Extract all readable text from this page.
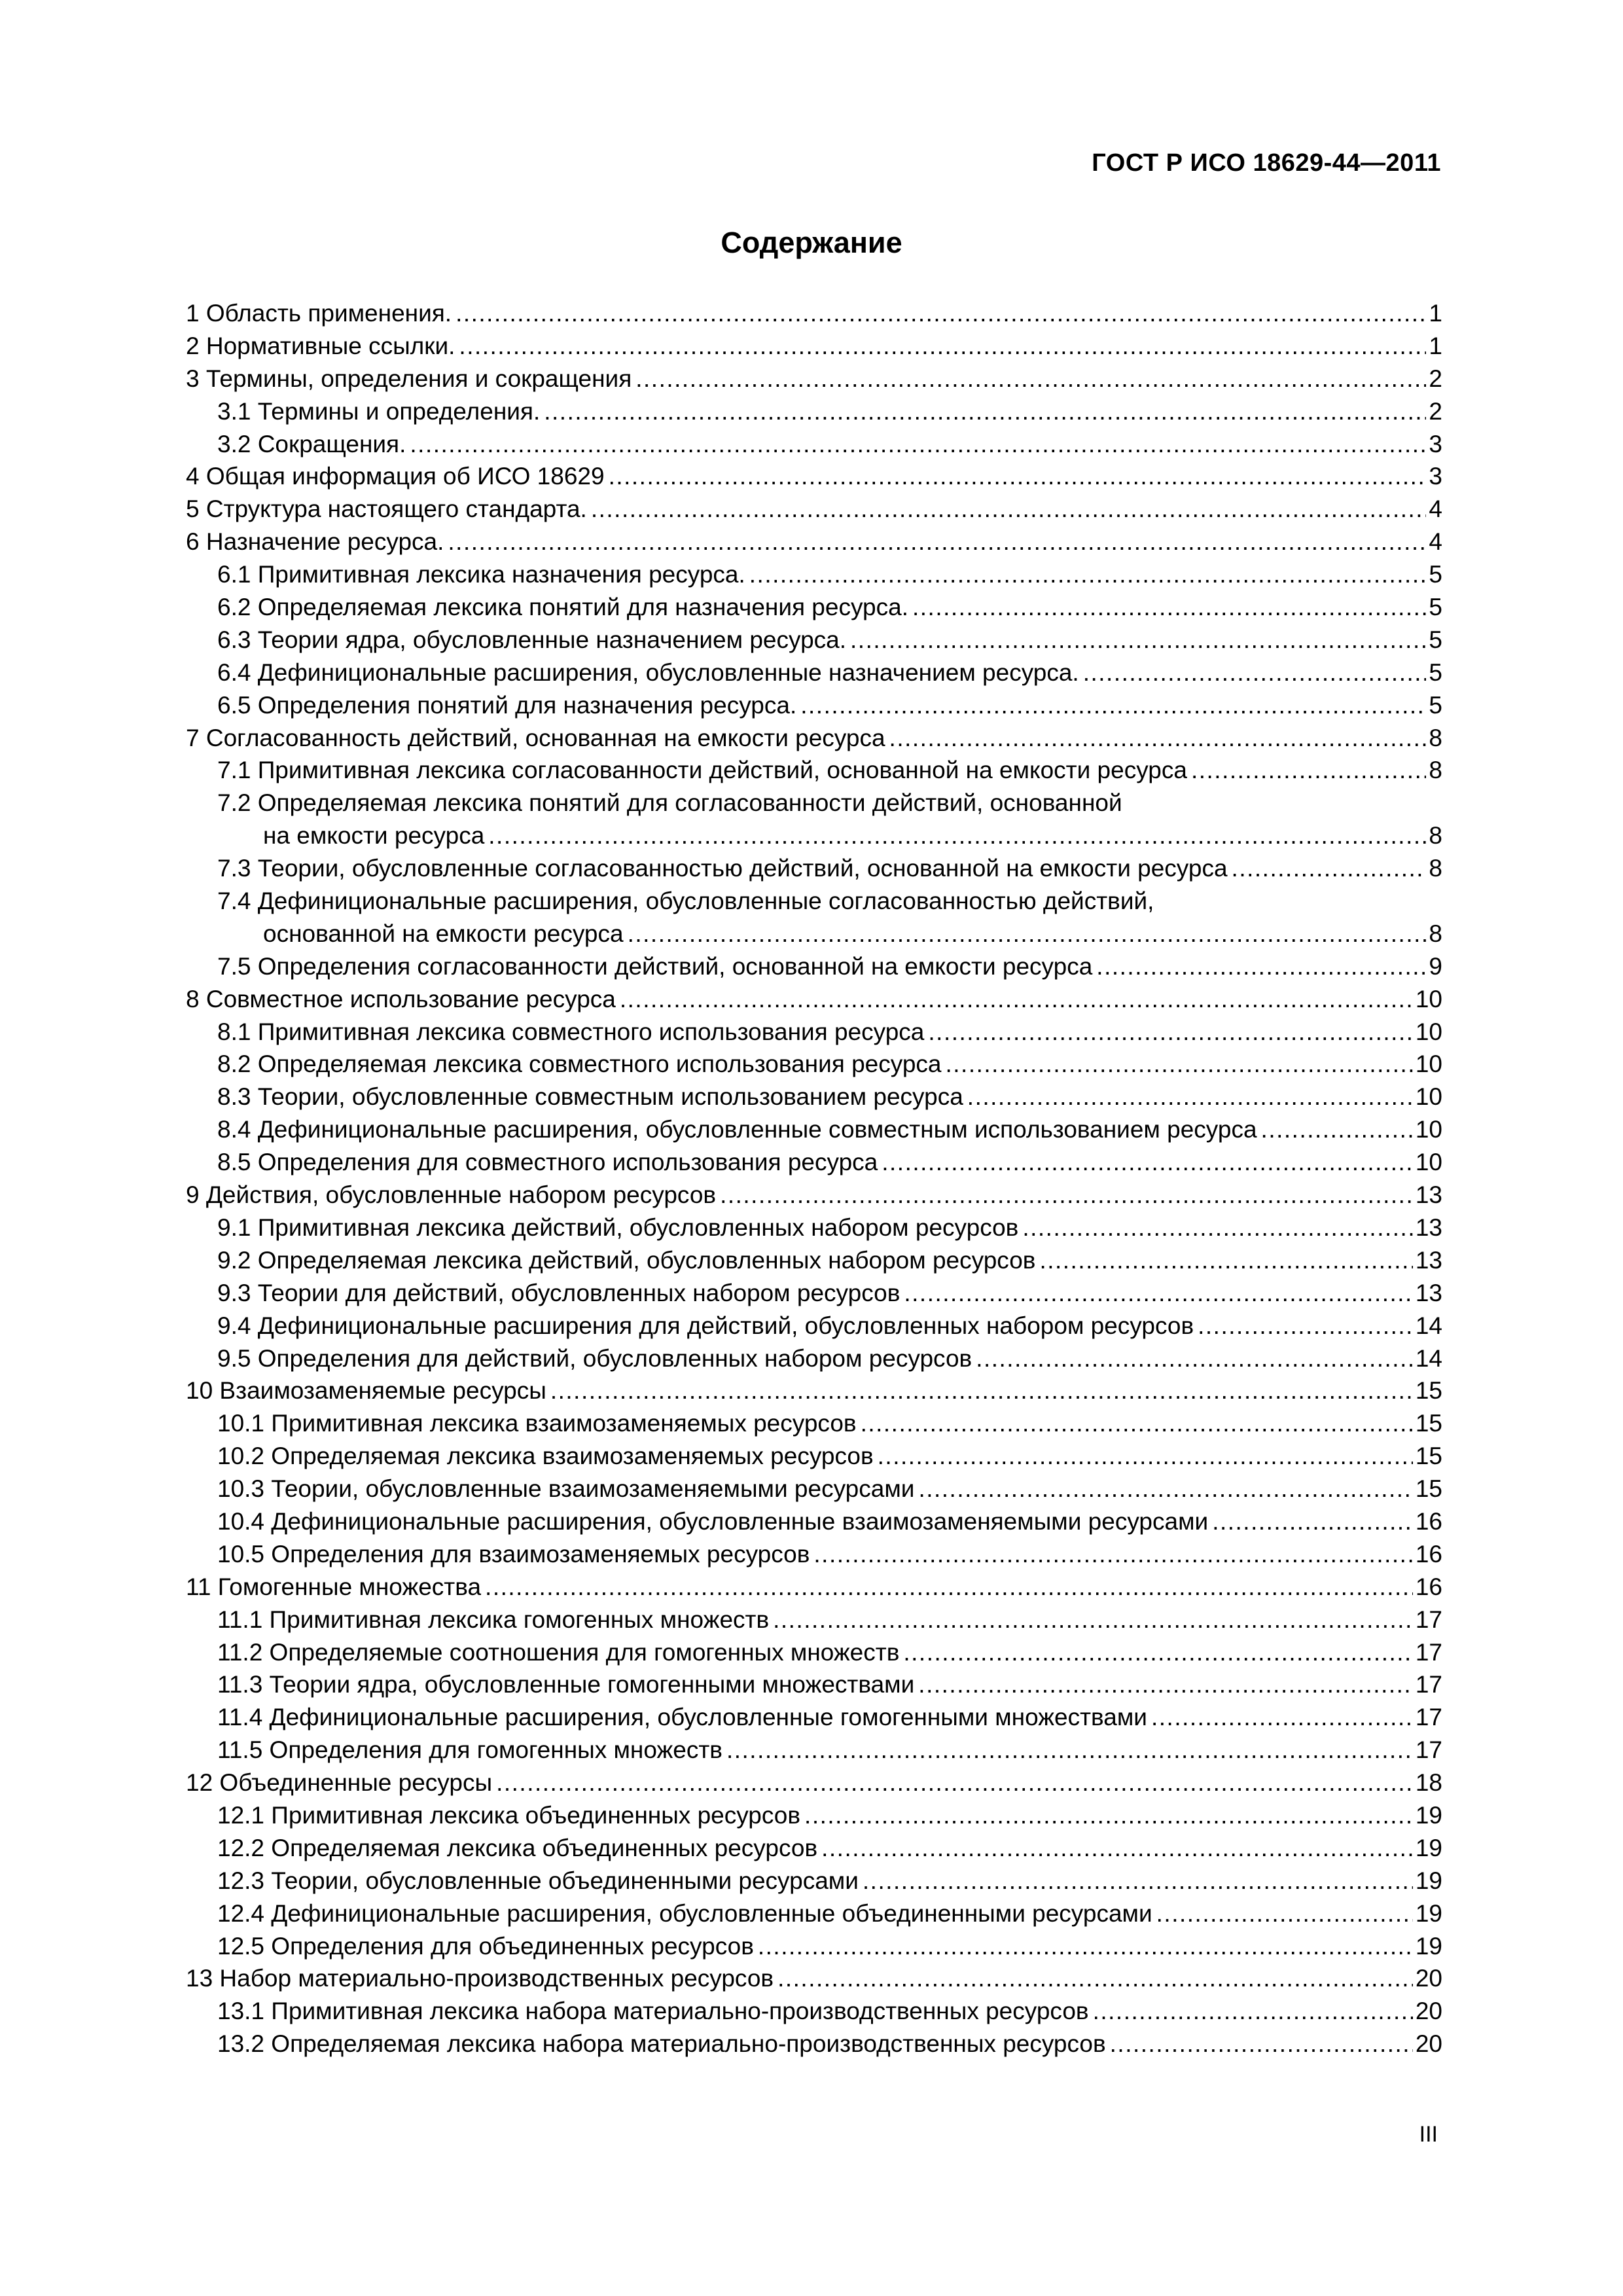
ГОСТ Р ИСО 18629-44—2011
Содержание
1 Область применения. .....	1
2 Нормативные ссылки. .....	1
3 Термины, определения и сокращения .....	2
3.1 Термины и определения. .....	2
3.2 Сокращения. .....	3
4 Общая информация об ИСО 18629 .....	3
5 Структура настоящего стандарта. .....	4
6 Назначение ресурса. .....	4
6.1 Примитивная лексика назначения ресурса. .....	5
6.2 Определяемая лексика понятий для назначения ресурса. .....	5
6.3 Теории ядра, обусловленные назначением ресурса. .....	5
6.4 Дефинициональные расширения, обусловленные назначением ресурса. .....	5
6.5 Определения понятий для назначения ресурса. .....	5
7 Согласованность действий, основанная на емкости ресурса .....	8
7.1 Примитивная лексика согласованности действий, основанной на емкости ресурса .....	8
7.2 Определяемая лексика понятий для согласованности действий, основанной
на емкости ресурса .....	8
7.3 Теории, обусловленные согласованностью действий, основанной на емкости ресурса .....	8
7.4 Дефинициональные расширения, обусловленные согласованностью действий,
основанной на емкости ресурса .....	8
7.5 Определения согласованности действий, основанной на емкости ресурса .....	9
8 Совместное использование ресурса .....	10
8.1 Примитивная лексика совместного использования ресурса .....	10
8.2 Определяемая лексика совместного использования ресурса .....	10
8.3 Теории, обусловленные совместным использованием ресурса .....	10
8.4 Дефинициональные расширения, обусловленные совместным использованием ресурса .....	10
8.5 Определения для совместного использования ресурса .....	10
9 Действия, обусловленные набором ресурсов .....	13
9.1 Примитивная лексика действий, обусловленных набором ресурсов .....	13
9.2 Определяемая лексика действий, обусловленных набором ресурсов .....	13
9.3 Теории для действий, обусловленных набором ресурсов .....	13
9.4 Дефинициональные расширения для действий, обусловленных набором ресурсов .....	14
9.5 Определения для действий, обусловленных набором ресурсов .....	14
10 Взаимозаменяемые ресурсы .....	15
10.1 Примитивная лексика взаимозаменяемых ресурсов .....	15
10.2 Определяемая лексика взаимозаменяемых ресурсов .....	15
10.3 Теории, обусловленные взаимозаменяемыми ресурсами .....	15
10.4 Дефинициональные расширения, обусловленные взаимозаменяемыми ресурсами .....	16
10.5 Определения для взаимозаменяемых ресурсов .....	16
11 Гомогенные множества .....	16
11.1 Примитивная лексика гомогенных множеств .....	17
11.2 Определяемые соотношения для гомогенных множеств .....	17
11.3 Теории ядра, обусловленные гомогенными множествами .....	17
11.4 Дефинициональные расширения, обусловленные гомогенными множествами .....	17
11.5 Определения для гомогенных множеств .....	17
12 Объединенные ресурсы .....	18
12.1 Примитивная лексика объединенных ресурсов .....	19
12.2 Определяемая лексика объединенных ресурсов .....	19
12.3 Теории, обусловленные объединенными ресурсами .....	19
12.4 Дефинициональные расширения, обусловленные объединенными ресурсами .....	19
12.5 Определения для объединенных ресурсов .....	19
13 Набор материально-производственных ресурсов .....	20
13.1 Примитивная лексика набора материально-производственных ресурсов .....	20
13.2 Определяемая лексика набора материально-производственных ресурсов .....	20
III
